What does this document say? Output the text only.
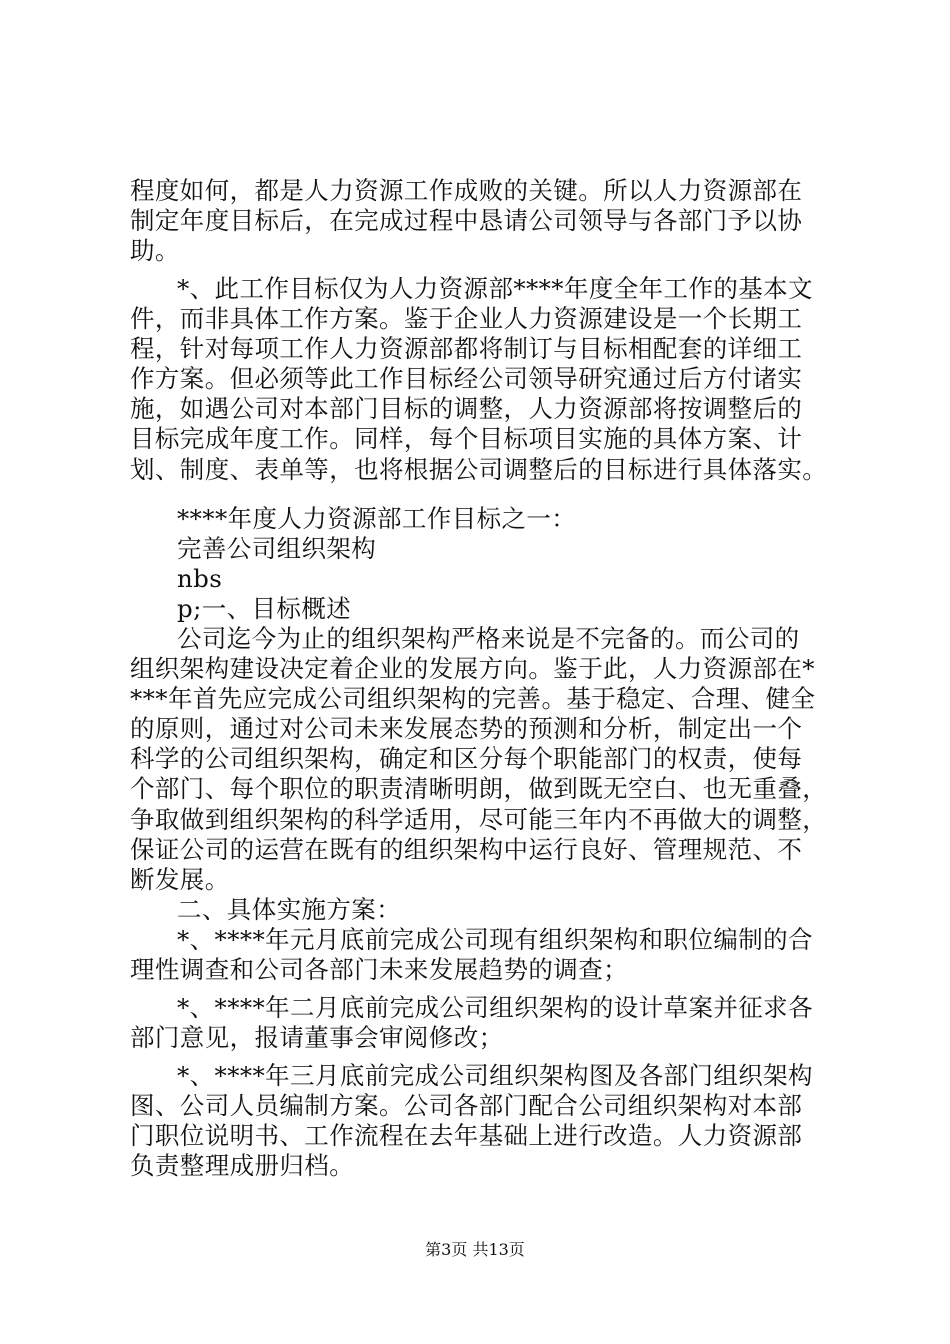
程度如何，都是人力资源工作成败的关键。所以人力资源部在
制定年度目标后，在完成过程中恳请公司领导与各部门予以协
助。
*、此工作目标仅为人力资源部****年度全年工作的基本文
件，而非具体工作方案。鉴于企业人力资源建设是一个长期工
程，针对每项工作人力资源部都将制订与目标相配套的详细工
作方案。但必须等此工作目标经公司领导研究通过后方付诸实
施，如遇公司对本部门目标的调整，人力资源部将按调整后的
目标完成年度工作。同样，每个目标项目实施的具体方案、计
划、制度、表单等，也将根据公司调整后的目标进行具体落实。
****年度人力资源部工作目标之一：
完善公司组织架构
nbs
p;一、目标概述
公司迄今为止的组织架构严格来说是不完备的。而公司的
组织架构建设决定着企业的发展方向。鉴于此，人力资源部在*
***年首先应完成公司组织架构的完善。基于稳定、合理、健全
的原则，通过对公司未来发展态势的预测和分析，制定出一个
科学的公司组织架构，确定和区分每个职能部门的权责，使每
个部门、每个职位的职责清晰明朗，做到既无空白、也无重叠，
争取做到组织架构的科学适用，尽可能三年内不再做大的调整，
保证公司的运营在既有的组织架构中运行良好、管理规范、不
断发展。
二、具体实施方案：
*、****年元月底前完成公司现有组织架构和职位编制的合
理性调查和公司各部门未来发展趋势的调查；
*、****年二月底前完成公司组织架构的设计草案并征求各
部门意见，报请董事会审阅修改；
*、****年三月底前完成公司组织架构图及各部门组织架构
图、公司人员编制方案。公司各部门配合公司组织架构对本部
门职位说明书、工作流程在去年基础上进行改造。人力资源部
负责整理成册归档。
第3页 共13页
